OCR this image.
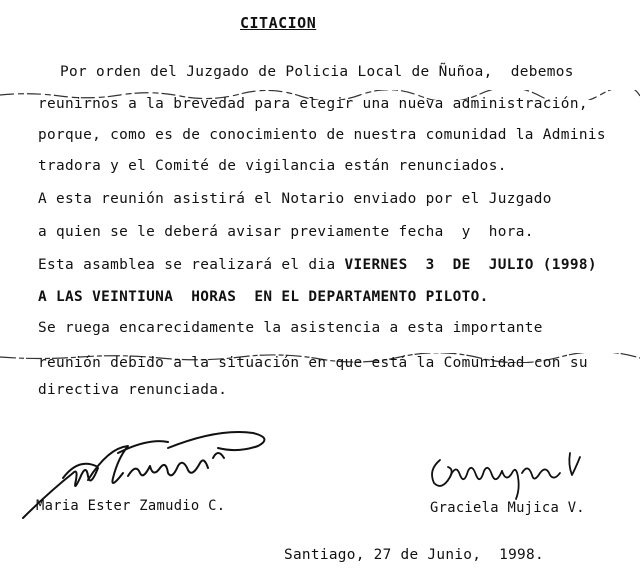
CITACION
Por orden del Juzgado de Policia Local de Ñuñoa,  debemos
reunirnos a la brevedad para elegir una nueva administración,
porque, como es de conocimiento de nuestra comunidad la Adminis
tradora y el Comité de vigilancia están renunciados.
A esta reunión asistirá el Notario enviado por el Juzgado
a quien se le deberá avisar previamente fecha  y  hora.
Esta asamblea se realizará el dia VIERNES  3  DE  JULIO (1998)
A LAS VEINTIUNA  HORAS  EN EL DEPARTAMENTO PILOTO.
Se ruega encarecidamente la asistencia a esta importante
reunión debido a la situación en que está la Comunidad con su
directiva renunciada.
Maria Ester Zamudio C.	Graciela Mujica V.
Santiago, 27 de Junio,  1998.
